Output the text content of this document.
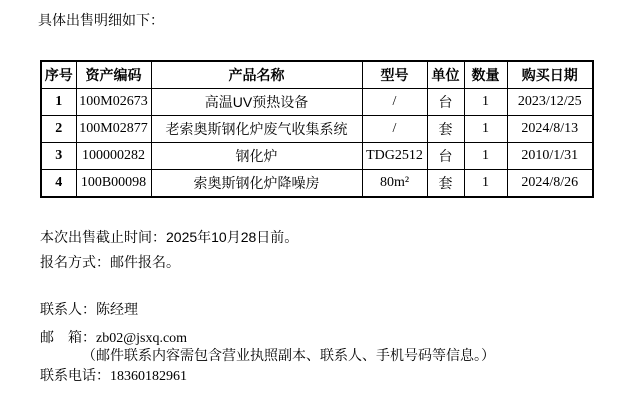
具体出售明细如下：
序号	资产编码	产品名称	型号	单位	数量	购买日期
1	100M02673	高温UV预热设备	/	台	1	2023/12/25
2	100M02877	老索奥斯钢化炉废气收集系统	/	套	1	2024/8/13
3	100000282	钢化炉	TDG2512	台	1	2010/1/31
4	100B00098	索奥斯钢化炉降噪房	80m²	套	1	2024/8/26
本次出售截止时间：2025年10月28日前。
报名方式：邮件报名。
联系人：陈经理
邮　箱：zb02@jsxq.com
（邮件联系内容需包含营业执照副本、联系人、手机号码等信息。）
联系电话：18360182961
